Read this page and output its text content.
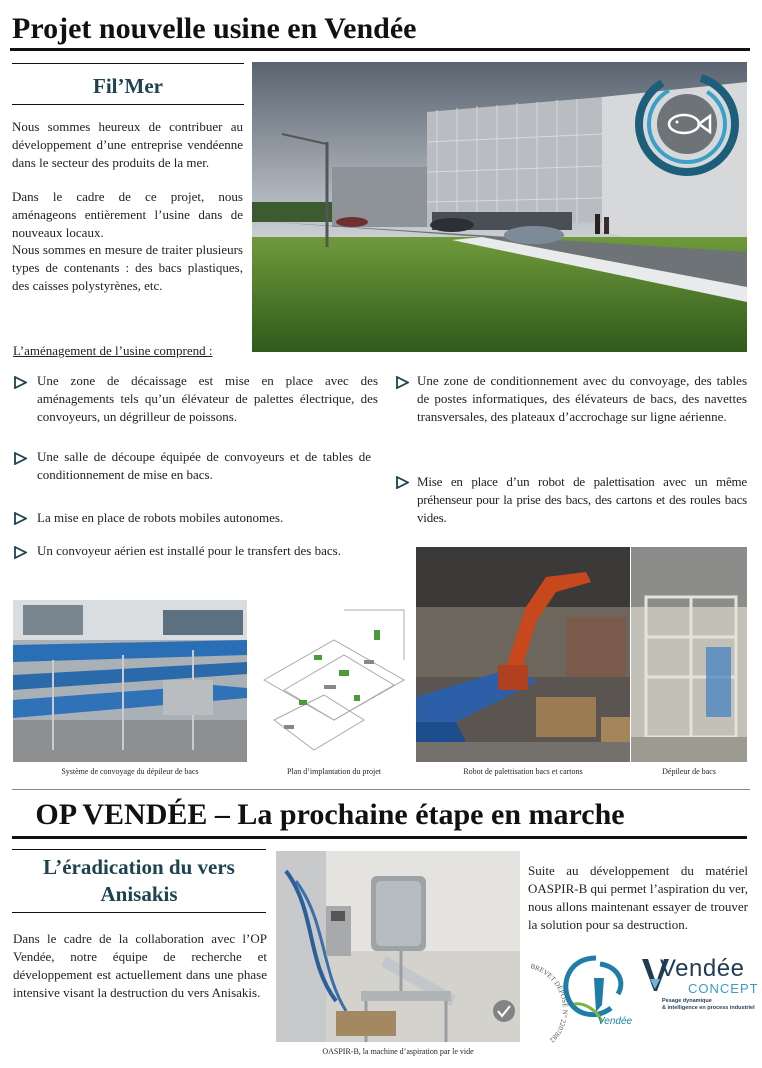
Projet nouvelle usine en Vendée
Fil’Mer
Nous sommes heureux de contribuer au développement d’une entreprise vendéenne dans le secteur des produits de la mer.
Dans le cadre de ce projet, nous aménageons entièrement l’usine dans de nouveaux locaux.
Nous sommes en mesure de traiter plusieurs types de contenants : des bacs plastiques, des caisses polystyrènes, etc.
L’aménagement de l’usine comprend :
Une zone de décaissage est mise en place avec des aménagements tels qu’un élévateur de palettes électrique, des convoyeurs, un dégrilleur de poissons.
Une salle de découpe équipée de convoyeurs et de tables de conditionnement de mise en bacs.
La mise en place de robots mobiles autonomes.
Un convoyeur aérien est installé pour le transfert des bacs.
Une zone de conditionnement avec du convoyage, des tables de postes informatiques, des élévateurs de bacs, des navettes transversales, des plateaux d’accrochage sur ligne aérienne.
Mise en place d’un robot de palettisation avec un même préhenseur pour la prise des bacs, des cartons et des roules bacs vides.
Système de convoyage du dépileur de bacs	Plan d’implantation du projet	Robot de palettisation bacs et cartons	Dépileur de bacs
OP VENDÉE – La prochaine étape en marche
L’éradication du vers
Anisakis
Dans le cadre de la collaboration avec l’OP Vendée, notre équipe de recherche et développement est actuellement dans une phase intensive visant la destruction du vers Anisakis.
OASPIR-B, la machine d’aspiration par le vide
Suite au développement du matériel OASPIR-B qui permet l’aspiration du ver, nous allons maintenant essayer de trouver la solution pour sa destruction.
BREVET DÉPOSÉ N° 2207882
Vendée
Vendée
CONCEPT
Pesage dynamique
& intelligence en process industriel
